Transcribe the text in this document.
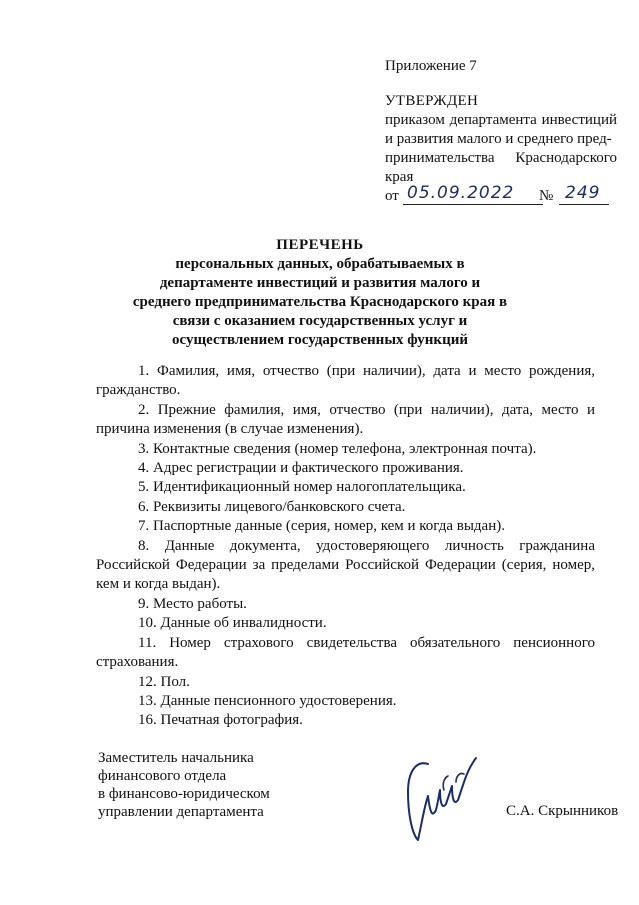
Приложение 7
УТВЕРЖДЕН
приказом департамента инвестиций и развития малого и среднего пред-
принимательства Краснодарского
края
от 05.09.2022 № 249
ПЕРЕЧЕНЬ
персональных данных, обрабатываемых в департаменте инвестиций и развития малого и среднего предпринимательства Краснодарского края в связи с оказанием государственных услуг и осуществлением государственных функций

1. Фамилия, имя, отчество (при наличии), дата и место рождения, гражданство.

2. Прежние фамилия, имя, отчество (при наличии), дата, место и причина изменения (в случае изменения).

3. Контактные сведения (номер телефона, электронная почта).

4. Адрес регистрации и фактического проживания.

5. Идентификационный номер налогоплательщика.

6. Реквизиты лицевого/банковского счета.

7. Паспортные данные (серия, номер, кем и когда выдан).

8. Данные документа, удостоверяющего личность гражданина Российской Федерации за пределами Российской Федерации (серия, номер, кем и когда выдан).

9. Место работы.

10. Данные об инвалидности.

11. Номер страхового свидетельства обязательного пенсионного страхования.

12. Пол.

13. Данные пенсионного удостоверения.

16. Печатная фотография.

Заместитель начальника
финансового отдела
в финансово-юридическом
управлении департамента	С.А. Скрынников
